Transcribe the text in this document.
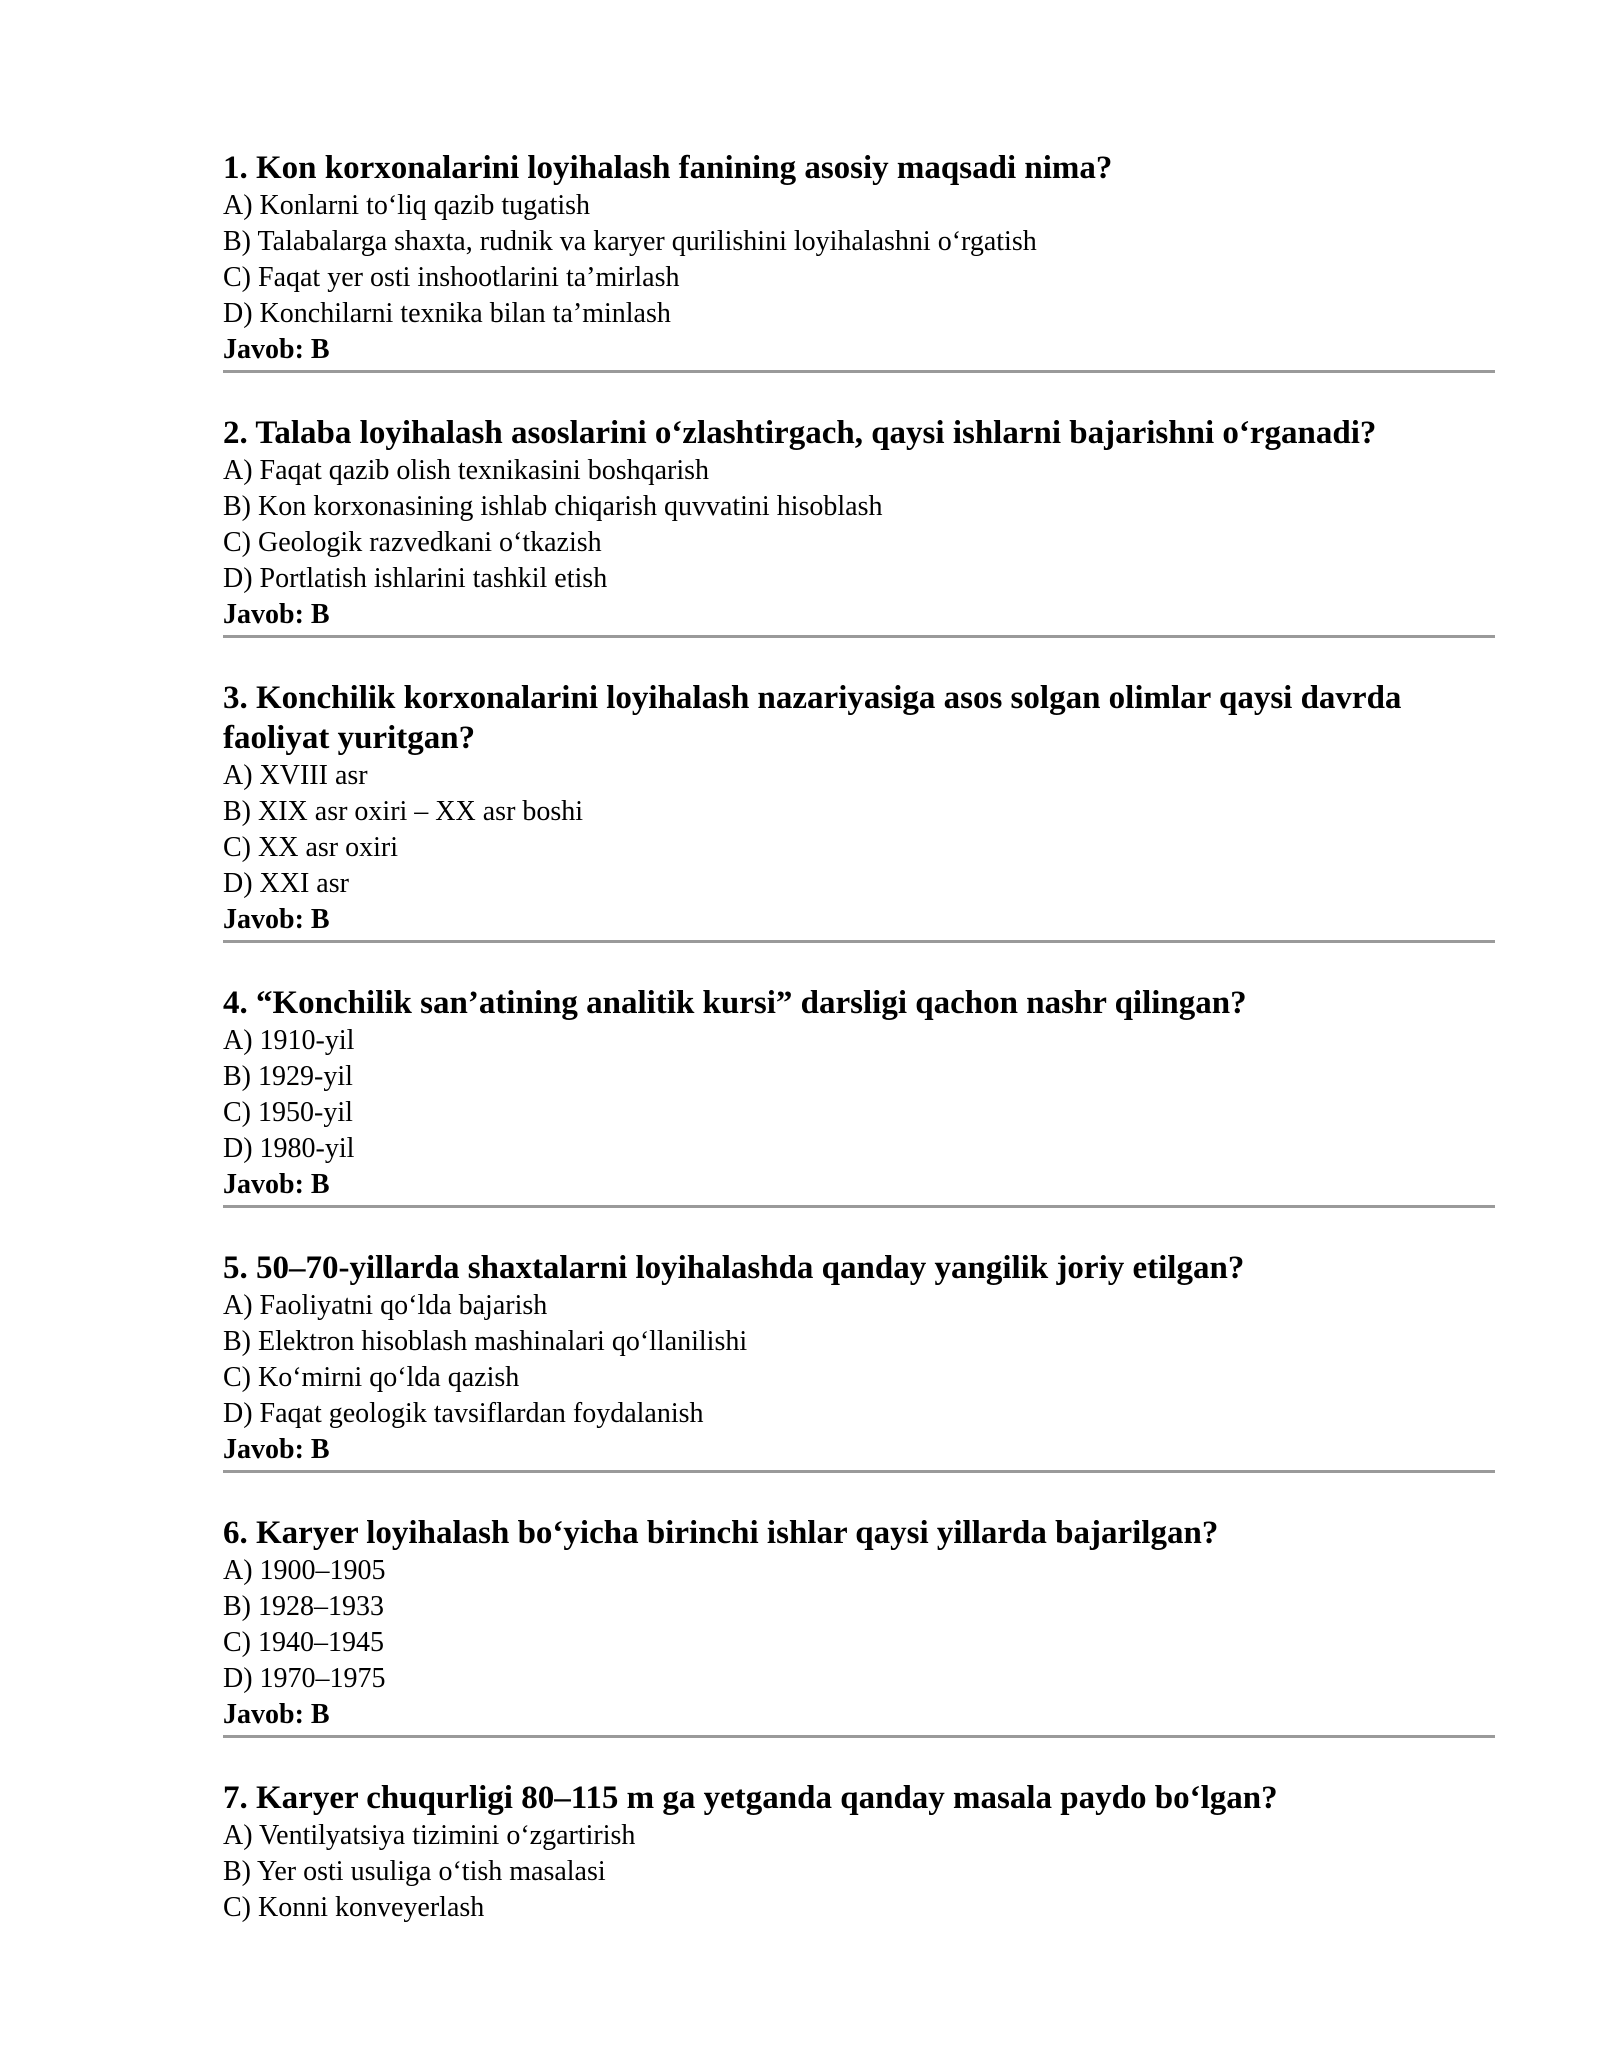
1. Kon korxonalarini loyihalash fanining asosiy maqsadi nima?

A) Konlarni to‘liq qazib tugatish

B) Talabalarga shaxta, rudnik va karyer qurilishini loyihalashni o‘rgatish

C) Faqat yer osti inshootlarini ta’mirlash

D) Konchilarni texnika bilan ta’minlash

Javob: B

2. Talaba loyihalash asoslarini o‘zlashtirgach, qaysi ishlarni bajarishni o‘rganadi?

A) Faqat qazib olish texnikasini boshqarish

B) Kon korxonasining ishlab chiqarish quvvatini hisoblash

C) Geologik razvedkani o‘tkazish

D) Portlatish ishlarini tashkil etish

Javob: B

3. Konchilik korxonalarini loyihalash nazariyasiga asos solgan olimlar qaysi davrda faoliyat yuritgan?

A) XVIII asr

B) XIX asr oxiri – XX asr boshi

C) XX asr oxiri

D) XXI asr

Javob: B

4. “Konchilik san’atining analitik kursi” darsligi qachon nashr qilingan?

A) 1910-yil

B) 1929-yil

C) 1950-yil

D) 1980-yil

Javob: B

5. 50–70-yillarda shaxtalarni loyihalashda qanday yangilik joriy etilgan?

A) Faoliyatni qo‘lda bajarish

B) Elektron hisoblash mashinalari qo‘llanilishi

C) Ko‘mirni qo‘lda qazish

D) Faqat geologik tavsiflardan foydalanish

Javob: B

6. Karyer loyihalash bo‘yicha birinchi ishlar qaysi yillarda bajarilgan?

A) 1900–1905

B) 1928–1933

C) 1940–1945

D) 1970–1975

Javob: B

7. Karyer chuqurligi 80–115 m ga yetganda qanday masala paydo bo‘lgan?

A) Ventilyatsiya tizimini o‘zgartirish

B) Yer osti usuliga o‘tish masalasi

C) Konni konveyerlash
